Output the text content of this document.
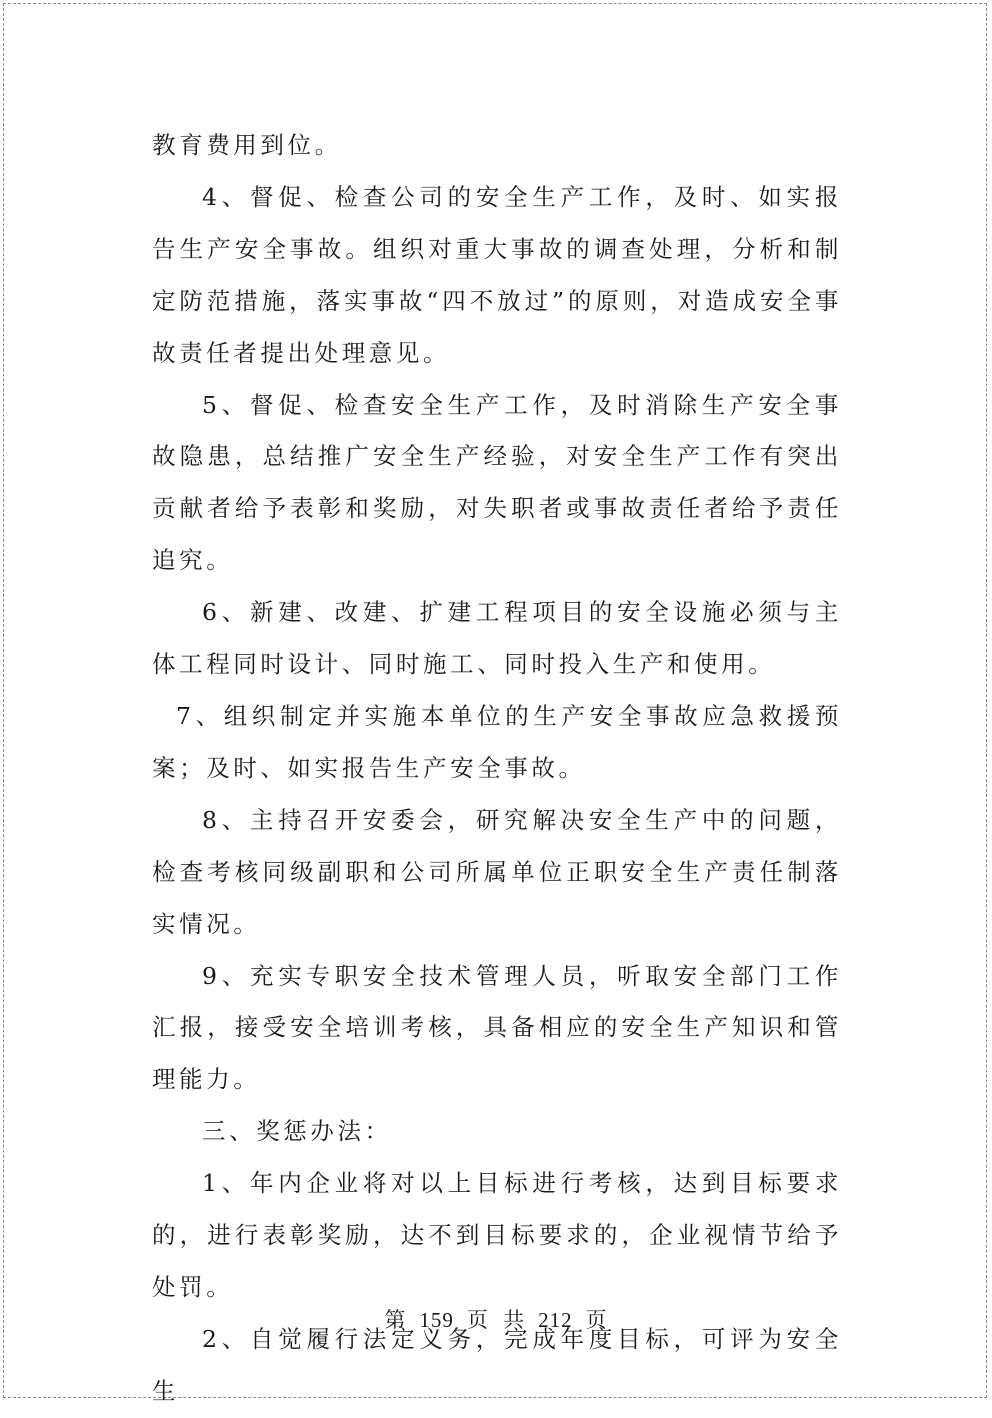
教育费用到位。

4、督促、检查公司的安全生产工作，及时、如实报告生产安全事故。组织对重大事故的调查处理，分析和制定防范措施，落实事故“四不放过”的原则，对造成安全事故责任者提出处理意见。

5、督促、检查安全生产工作，及时消除生产安全事故隐患，总结推广安全生产经验，对安全生产工作有突出贡献者给予表彰和奖励，对失职者或事故责任者给予责任追究。

6、新建、改建、扩建工程项目的安全设施必须与主体工程同时设计、同时施工、同时投入生产和使用。

7、组织制定并实施本单位的生产安全事故应急救援预案；及时、如实报告生产安全事故。

8、主持召开安委会，研究解决安全生产中的问题，检查考核同级副职和公司所属单位正职安全生产责任制落实情况。

9、充实专职安全技术管理人员，听取安全部门工作汇报，接受安全培训考核，具备相应的安全生产知识和管理能力。

三、奖惩办法：

1、年内企业将对以上目标进行考核，达到目标要求的，进行表彰奖励，达不到目标要求的，企业视情节给予处罚。

2、自觉履行法定义务，完成年度目标，可评为安全生

第 159 页 共 212 页
